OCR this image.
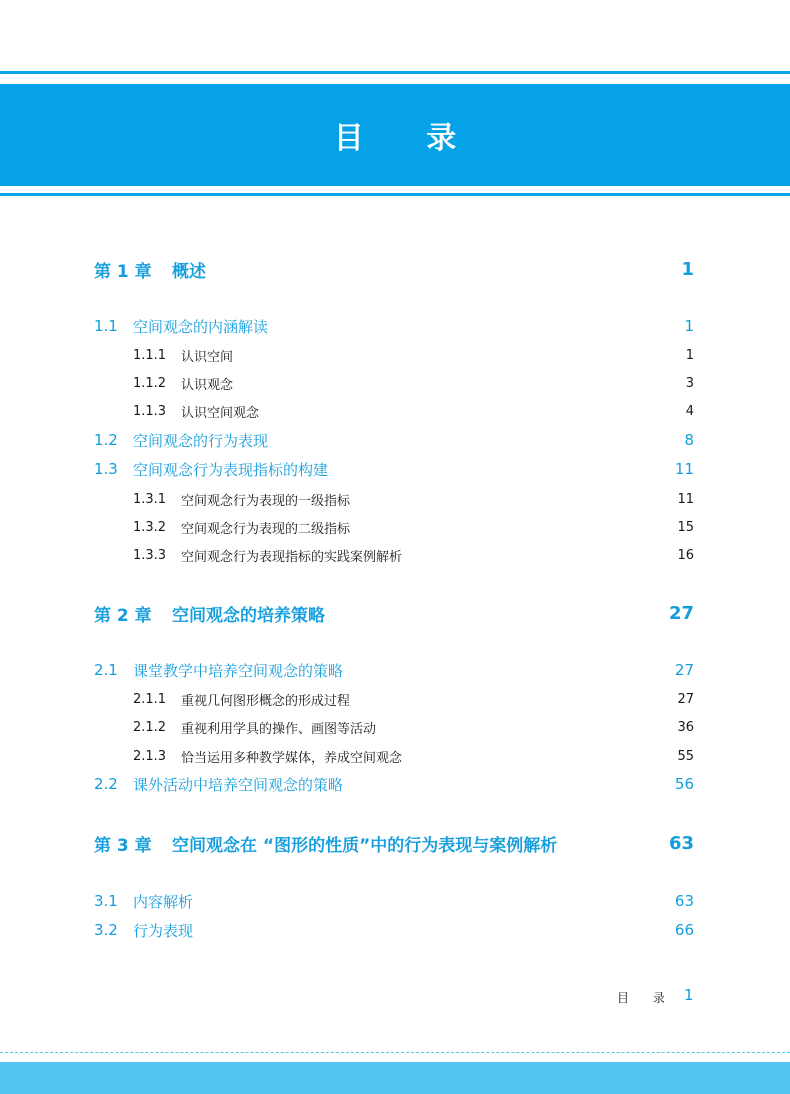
目 录
第 1 章	概述	1
1.1	空间观念的内涵解读	1
1.1.1	认识空间	1
1.1.2	认识观念	3
1.1.3	认识空间观念	4
1.2	空间观念的行为表现	8
1.3	空间观念行为表现指标的构建	11
1.3.1	空间观念行为表现的一级指标	11
1.3.2	空间观念行为表现的二级指标	15
1.3.3	空间观念行为表现指标的实践案例解析	16
第 2 章	空间观念的培养策略	27
2.1	课堂教学中培养空间观念的策略	27
2.1.1	重视几何图形概念的形成过程	27
2.1.2	重视利用学具的操作、画图等活动	36
2.1.3	恰当运用多种教学媒体，养成空间观念	55
2.2	课外活动中培养空间观念的策略	56
第 3 章	空间观念在 “图形的性质”中的行为表现与案例解析	63
3.1	内容解析	63
3.2	行为表现	66
目 录 1
